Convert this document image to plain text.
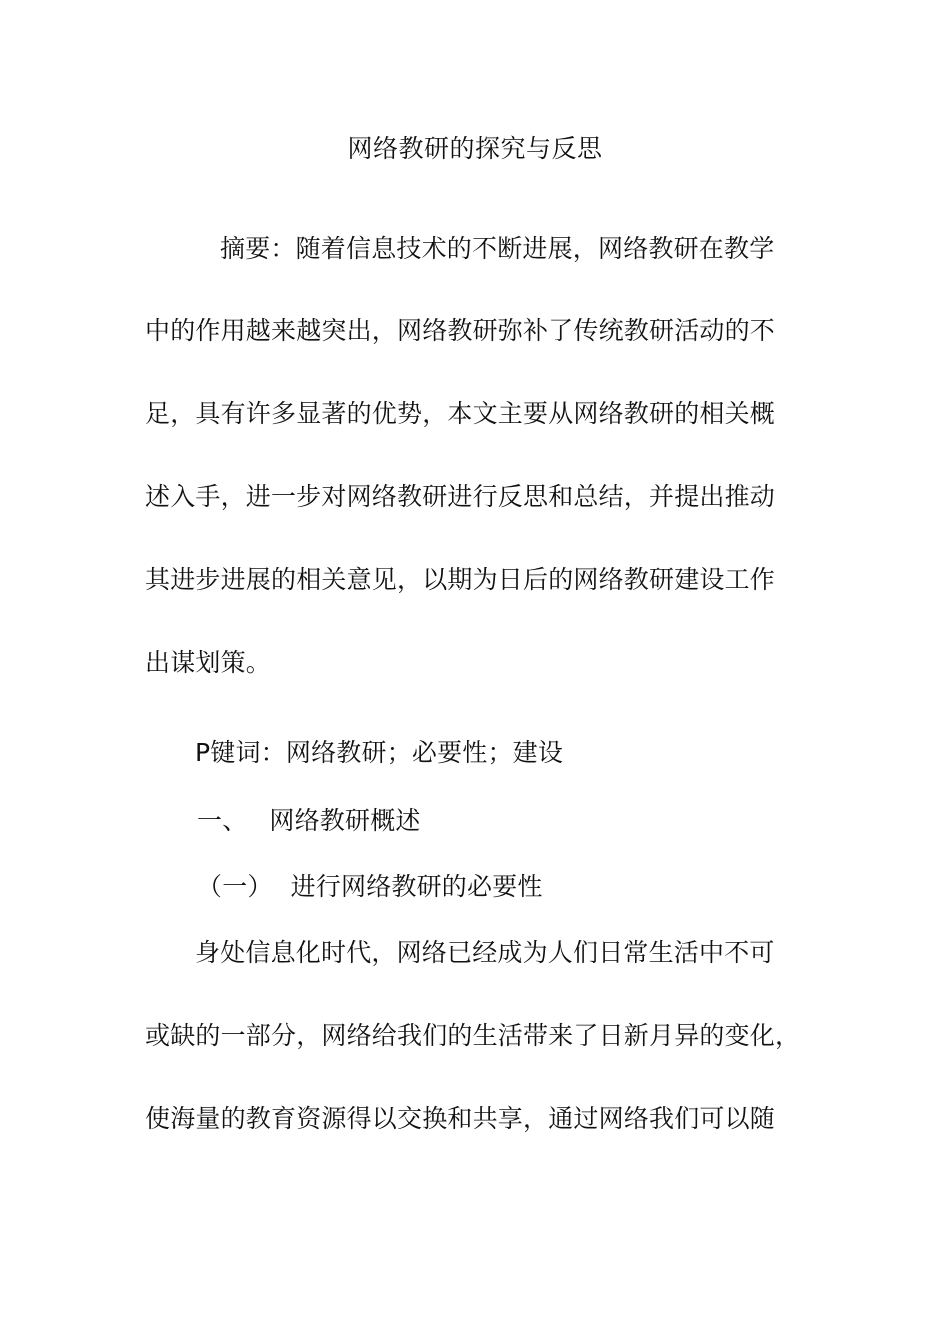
网络教研的探究与反思
摘要：随着信息技术的不断进展，网络教研在教学
中的作用越来越突出，网络教研弥补了传统教研活动的不
足，具有许多显著的优势，本文主要从网络教研的相关概
述入手，进一步对网络教研进行反思和总结，并提出推动
其进步进展的相关意见，以期为日后的网络教研建设工作
出谋划策。
P键词：网络教研；必要性；建设
一、 网络教研概述
（一） 进行网络教研的必要性
身处信息化时代，网络已经成为人们日常生活中不可
或缺的一部分，网络给我们的生活带来了日新月异的变化，
使海量的教育资源得以交换和共享，通过网络我们可以随
